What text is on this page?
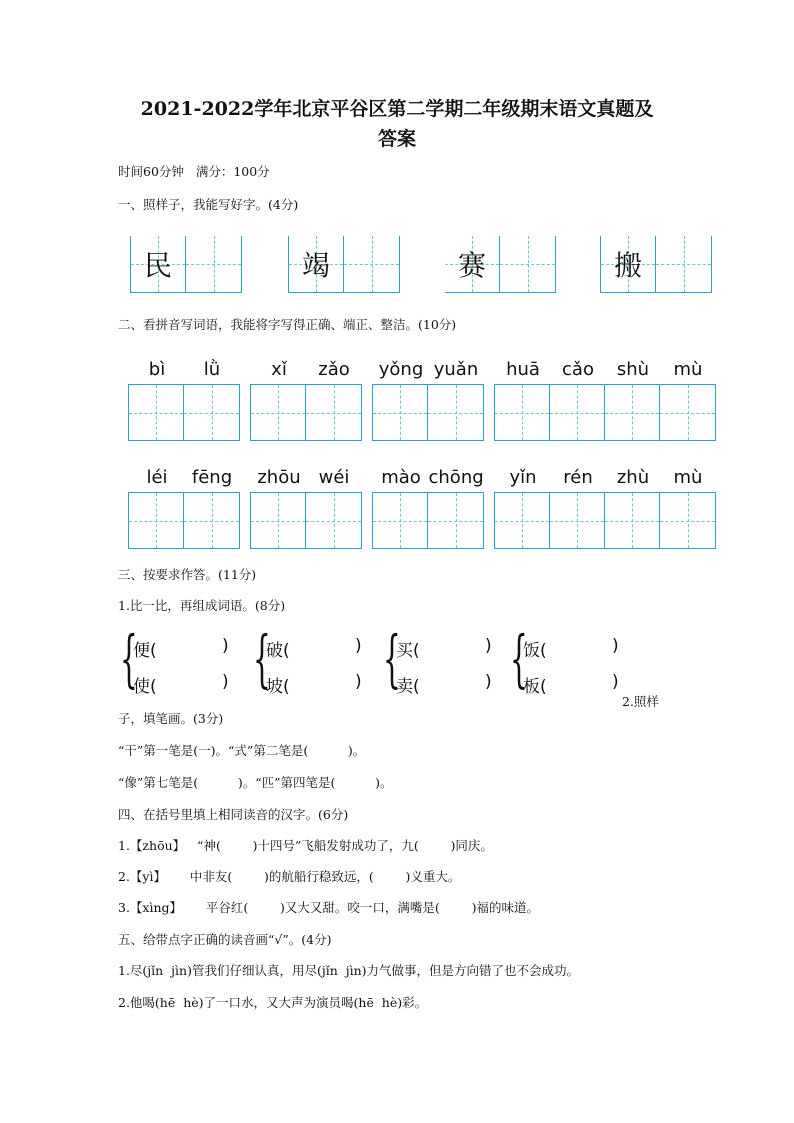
2021-2022学年北京平谷区第二学期二年级期末语文真题及
答案
时间60分钟   满分：100分
一、照样子，我能写好字。(4分)
民	竭	赛	搬
二、看拼音写词语，我能将字写得正确、端正、整洁。(10分)
bì	lǜ	xǐ	zǎo	yǒng yuǎn	huā	cǎo	shù	mù
léi	fēng	zhōu wéi	mào chōng	yǐn	rén	zhù	mù
三、按要求作答。(11分)
1.比一比，再组成词语。(8分)
{
便(	)
使(	) {
破(	)
坡(	) {
买(	)
卖(	) {
饭(	)
板(	)
2.照样
子，填笔画。(3分)
“干”第一笔是(一)。“式”第二笔是(          )。
“像”第七笔是(          )。“匹”第四笔是(          )。
四、在括号里填上相同读音的汉字。(6分)
1.【zhōu】   “神(        )十四号”飞船发射成功了，九(        )同庆。
2.【yì】      中非友(        )的航船行稳致远，(        )义重大。
3.【xìng】      平谷红(        )又大又甜。咬一口，满嘴是(        )福的味道。
五、给带点字正确的读音画“√”。(4分)
1.尽(jǐn  jìn)管我们仔细认真，用尽(jǐn  jìn)力气做事，但是方向错了也不会成功。
2.他喝(hē  hè)了一口水，又大声为演员喝(hē  hè)彩。
